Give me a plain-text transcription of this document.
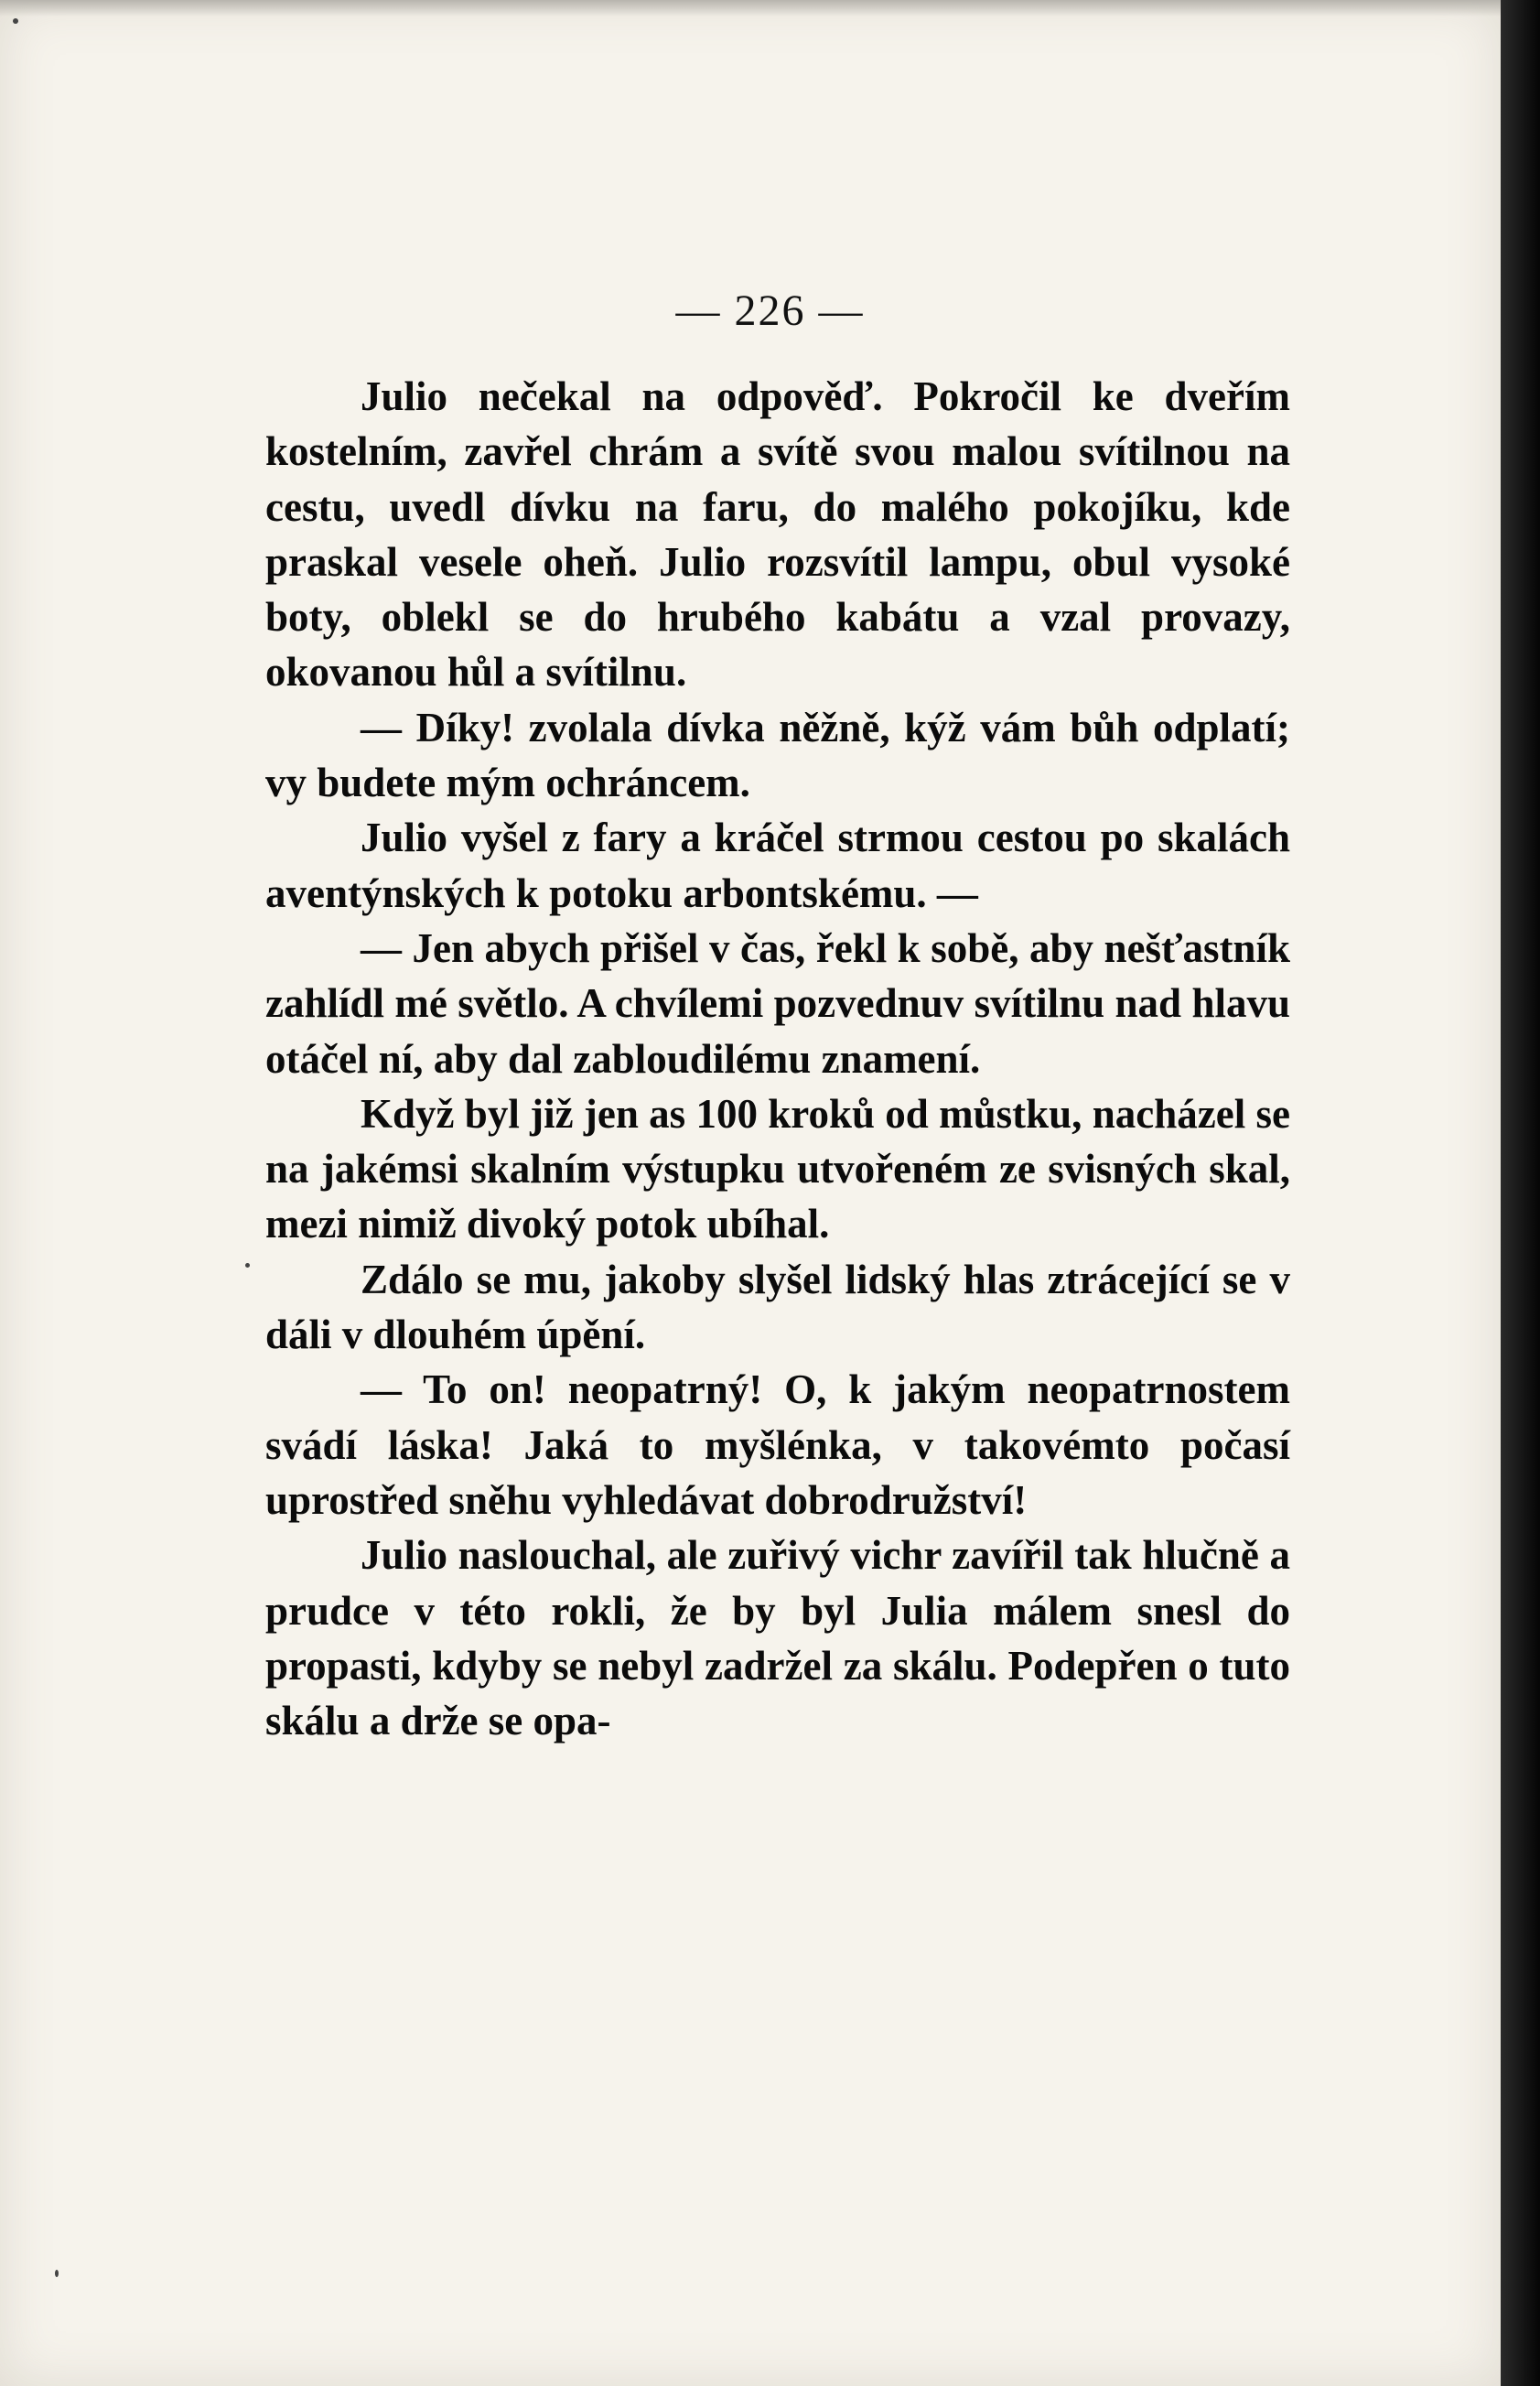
— 226 —

Julio nečekal na odpověď. Pokročil ke dveřím kostelním, zavřel chrám a svítě svou malou svítilnou na cestu, uvedl dívku na faru, do malého pokojíku, kde praskal vesele oheň. Julio rozsvítil lampu, obul vysoké boty, oblekl se do hrubého kabátu a vzal provazy, okovanou hůl a svítilnu.

— Díky! zvolala dívka něžně, kýž vám bůh odplatí; vy budete mým ochráncem.

Julio vyšel z fary a kráčel strmou cestou po skalách aventýnských k potoku arbontskému. —

— Jen abych přišel v čas, řekl k sobě, aby nešťastník zahlídl mé světlo. A chvílemi pozvednuv svítilnu nad hlavu otáčel ní, aby dal zabloudilému znamení.

Když byl již jen as 100 kroků od můstku, nacházel se na jakémsi skalním výstupku utvořeném ze svisných skal, mezi nimiž divoký potok ubíhal.

Zdálo se mu, jakoby slyšel lidský hlas ztrácející se v dáli v dlouhém úpění.

— To on! neopatrný! O, k jakým neopatrnostem svádí láska! Jaká to myšlénka, v takovémto počasí uprostřed sněhu vyhledávat dobrodružství!

Julio naslouchal, ale zuřivý vichr zavířil tak hlučně a prudce v této rokli, že by byl Julia málem snesl do propasti, kdyby se nebyl zadržel za skálu. Podepřen o tuto skálu a drže se opa-
